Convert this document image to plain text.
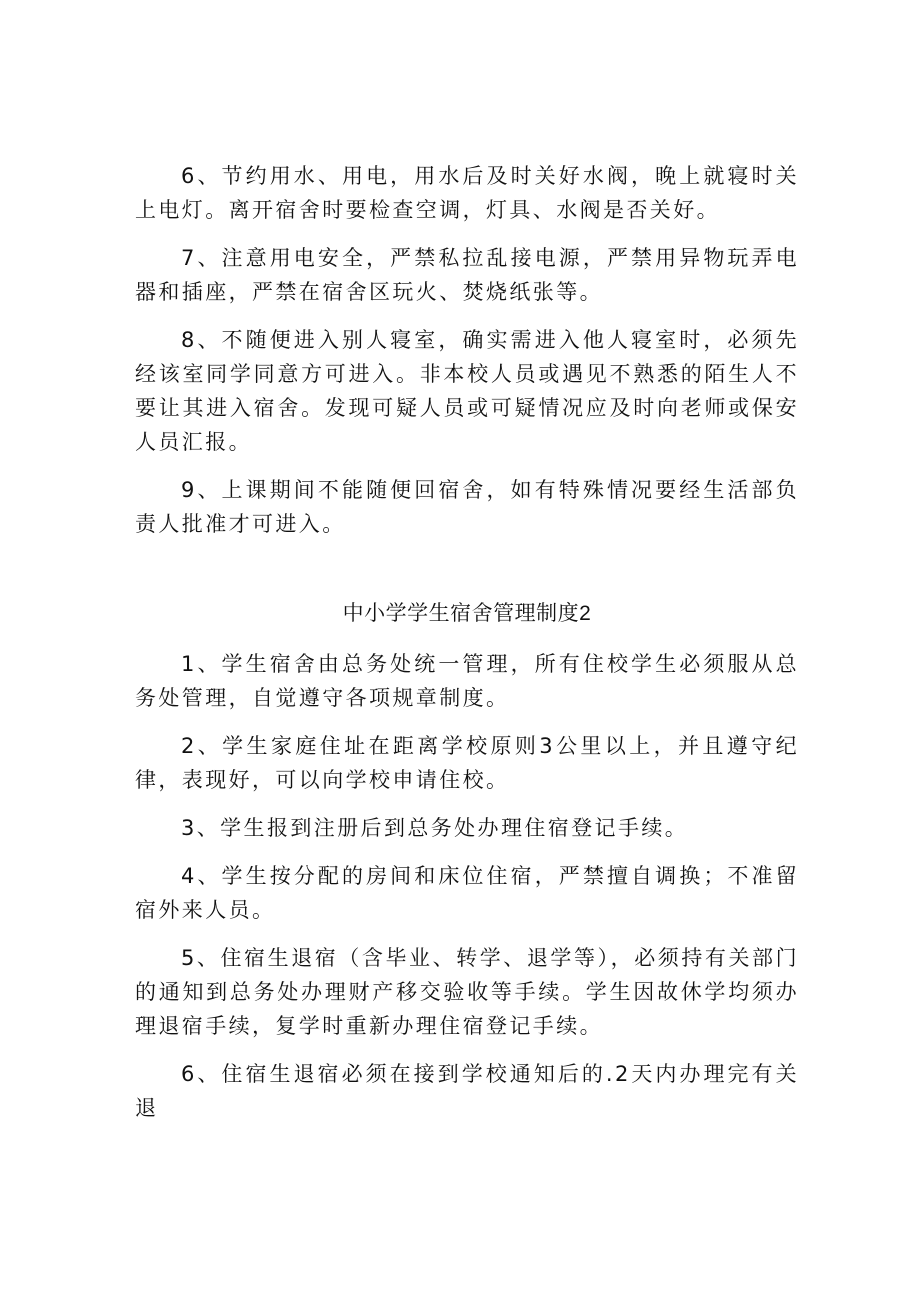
6、节约用水、用电，用水后及时关好水阀，晚上就寝时关上电灯。离开宿舍时要检查空调，灯具、水阀是否关好。

7、注意用电安全，严禁私拉乱接电源，严禁用异物玩弄电器和插座，严禁在宿舍区玩火、焚烧纸张等。

8、不随便进入别人寝室，确实需进入他人寝室时，必须先经该室同学同意方可进入。非本校人员或遇见不熟悉的陌生人不要让其进入宿舍。发现可疑人员或可疑情况应及时向老师或保安人员汇报。

9、上课期间不能随便回宿舍，如有特殊情况要经生活部负责人批准才可进入。

中小学学生宿舍管理制度2

1、学生宿舍由总务处统一管理，所有住校学生必须服从总务处管理，自觉遵守各项规章制度。

2、学生家庭住址在距离学校原则3公里以上，并且遵守纪律，表现好，可以向学校申请住校。

3、学生报到注册后到总务处办理住宿登记手续。

4、学生按分配的房间和床位住宿，严禁擅自调换；不准留宿外来人员。

5、住宿生退宿（含毕业、转学、退学等），必须持有关部门的通知到总务处办理财产移交验收等手续。学生因故休学均须办理退宿手续，复学时重新办理住宿登记手续。

6、住宿生退宿必须在接到学校通知后的.2天内办理完有关退
